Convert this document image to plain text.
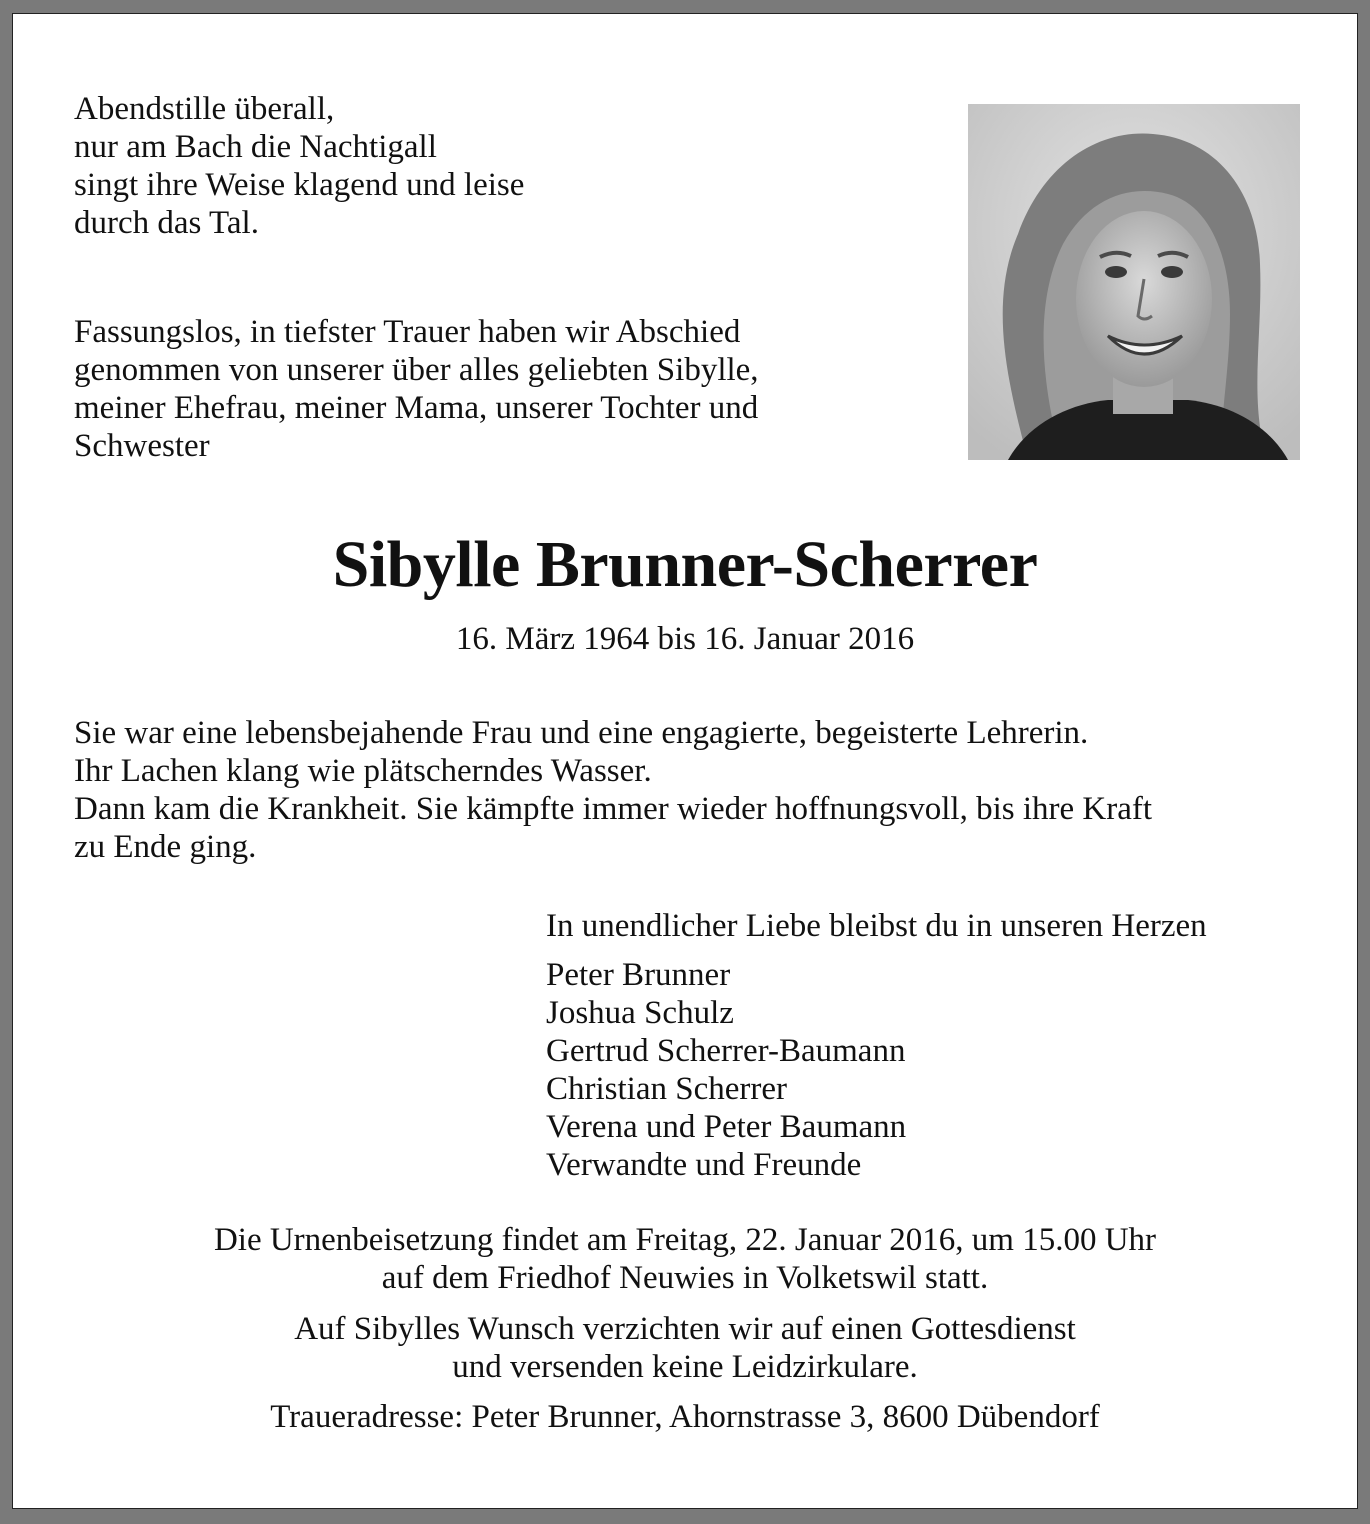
Abendstille überall,
nur am Bach die Nachtigall
singt ihre Weise klagend und leise
durch das Tal.
Fassungslos, in tiefster Trauer haben wir Abschied
genommen von unserer über alles geliebten Sibylle,
meiner Ehefrau, meiner Mama, unserer Tochter und
Schwester
Sibylle Brunner-Scherrer
16. März 1964 bis 16. Januar 2016
Sie war eine lebensbejahende Frau und eine engagierte, begeisterte Lehrerin.
Ihr Lachen klang wie plätscherndes Wasser.
Dann kam die Krankheit. Sie kämpfte immer wieder hoffnungsvoll, bis ihre Kraft
zu Ende ging.
In unendlicher Liebe bleibst du in unseren Herzen
Peter Brunner
Joshua Schulz
Gertrud Scherrer-Baumann
Christian Scherrer
Verena und Peter Baumann
Verwandte und Freunde
Die Urnenbeisetzung findet am Freitag, 22. Januar 2016, um 15.00 Uhr
auf dem Friedhof Neuwies in Volketswil statt.
Auf Sibylles Wunsch verzichten wir auf einen Gottesdienst
und versenden keine Leidzirkulare.
Traueradresse: Peter Brunner, Ahornstrasse 3, 8600 Dübendorf
